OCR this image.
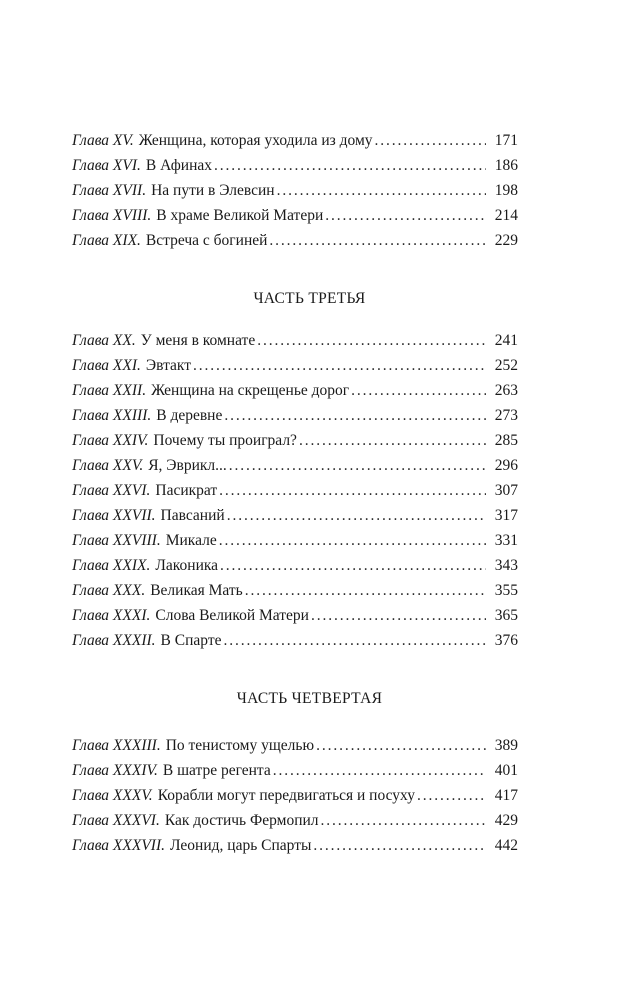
Глава XV. Женщина, которая уходила из дому . . .	171
Глава XVI. В Афинах . . .	186
Глава XVII. На пути в Элевсин . . .	198
Глава XVIII. В храме Великой Матери . . .	214
Глава XIX. Встреча с богиней . . .	229
ЧАСТЬ ТРЕТЬЯ
Глава XX. У меня в комнате . . .	241
Глава XXI. Эвтакт . . .	252
Глава XXII. Женщина на скрещенье дорог . . .	263
Глава XXIII. В деревне . . .	273
Глава XXIV. Почему ты проиграл? . . .	285
Глава XXV. Я, Эврикл... . . .	296
Глава XXVI. Пасикрат . . .	307
Глава XXVII. Павсаний . . .	317
Глава XXVIII. Микале . . .	331
Глава XXIX. Лаконика . . .	343
Глава XXX. Великая Мать . . .	355
Глава XXXI. Слова Великой Матери . . .	365
Глава XXXII. В Спарте . . .	376
ЧАСТЬ ЧЕТВЕРТАЯ
Глава XXXIII. По тенистому ущелью . . .	389
Глава XXXIV. В шатре регента . . .	401
Глава XXXV. Корабли могут передвигаться и посуху . . .	417
Глава XXXVI. Как достичь Фермопил . . .	429
Глава XXXVII. Леонид, царь Спарты . . .	442
